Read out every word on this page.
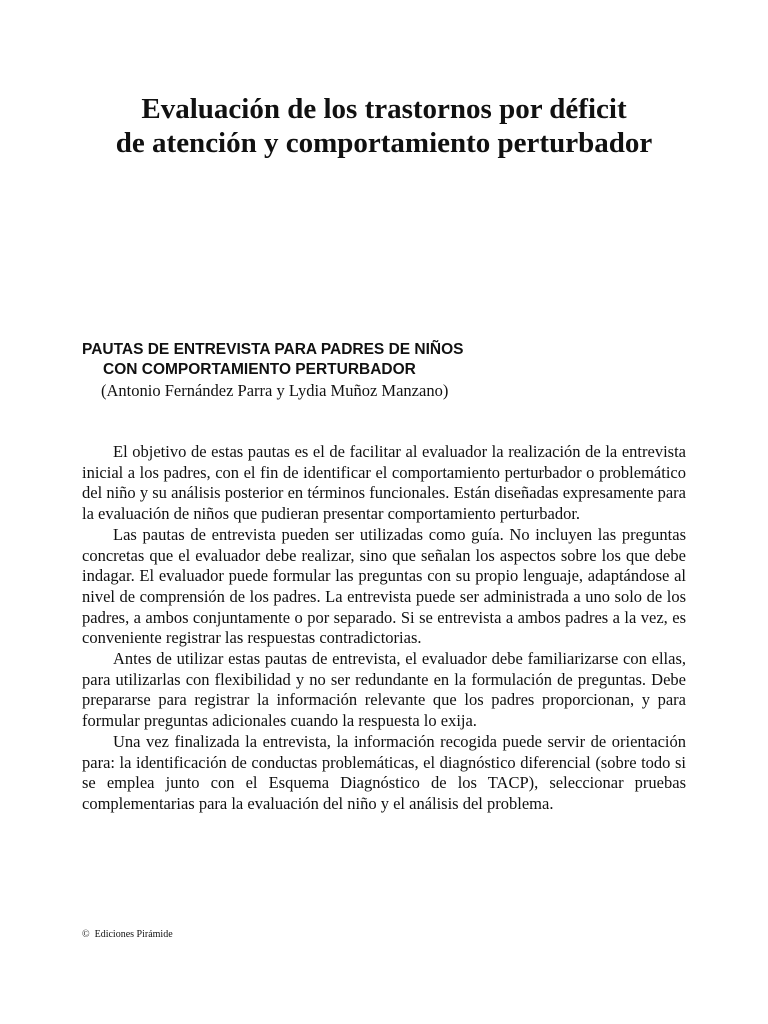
Evaluación de los trastornos por déficit
de atención y comportamiento perturbador
PAUTAS DE ENTREVISTA PARA PADRES DE NIÑOS
CON COMPORTAMIENTO PERTURBADOR

(Antonio Fernández Parra y Lydia Muñoz Manzano)

El objetivo de estas pautas es el de facilitar al evaluador la realización de la entrevista inicial a los padres, con el fin de identificar el comportamiento perturbador o problemático del niño y su análisis posterior en términos funcionales. Están diseñadas expresamente para la evaluación de niños que pudieran presentar comportamiento perturbador.

Las pautas de entrevista pueden ser utilizadas como guía. No incluyen las preguntas concretas que el evaluador debe realizar, sino que señalan los aspectos sobre los que debe indagar. El evaluador puede formular las preguntas con su propio lenguaje, adaptándose al nivel de comprensión de los padres. La entrevista puede ser administrada a uno solo de los padres, a ambos conjuntamente o por separado. Si se entrevista a ambos padres a la vez, es conveniente registrar las respuestas contradictorias.

Antes de utilizar estas pautas de entrevista, el evaluador debe familiarizarse con ellas, para utilizarlas con flexibilidad y no ser redundante en la formulación de preguntas. Debe prepararse para registrar la información relevante que los padres proporcionan, y para formular preguntas adicionales cuando la respuesta lo exija.

Una vez finalizada la entrevista, la información recogida puede servir de orientación para: la identificación de conductas problemáticas, el diagnóstico diferencial (sobre todo si se emplea junto con el Esquema Diagnóstico de los TACP), seleccionar pruebas complementarias para la evaluación del niño y el análisis del problema.

© Ediciones Pirámide
